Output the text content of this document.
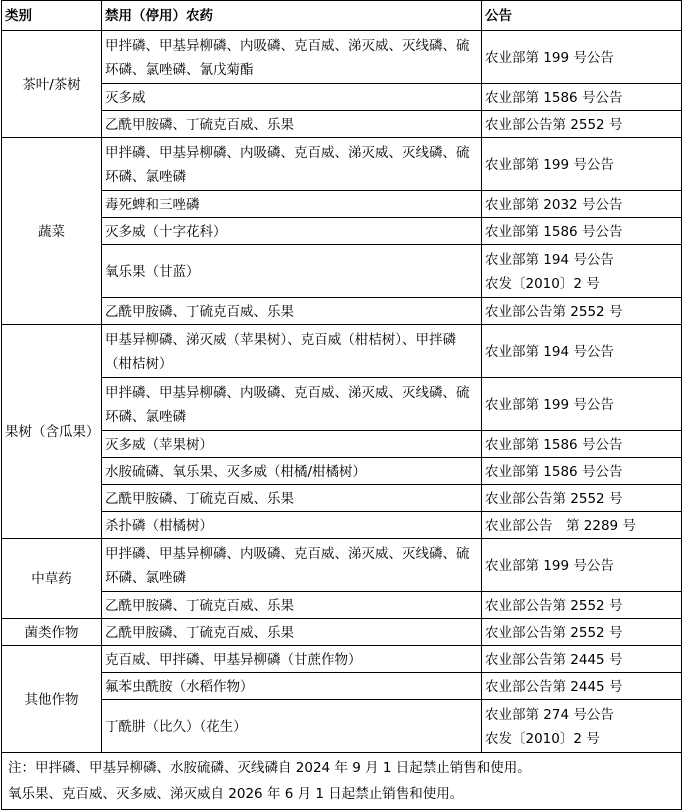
类别	禁用（停用）农药	公告
茶叶/茶树	甲拌磷、甲基异柳磷、内吸磷、克百威、涕灭威、灭线磷、硫环磷、氯唑磷、氰戊菊酯	农业部第 199 号公告
	灭多威	农业部第 1586 号公告
	乙酰甲胺磷、丁硫克百威、乐果	农业部公告第 2552 号
蔬菜	甲拌磷、甲基异柳磷、内吸磷、克百威、涕灭威、灭线磷、硫环磷、氯唑磷	农业部第 199 号公告
	毒死蜱和三唑磷	农业部第 2032 号公告
	灭多威（十字花科）	农业部第 1586 号公告
	氧乐果（甘蓝）	农业部第 194 号公告
农发〔2010〕2 号

	乙酰甲胺磷、丁硫克百威、乐果	农业部公告第 2552 号
果树（含瓜果）	甲基异柳磷、涕灭威（苹果树）、克百威（柑桔树）、甲拌磷（柑桔树）	农业部第 194 号公告
	甲拌磷、甲基异柳磷、内吸磷、克百威、涕灭威、灭线磷、硫环磷、氯唑磷	农业部第 199 号公告
	灭多威（苹果树）	农业部第 1586 号公告
	水胺硫磷、氧乐果、灭多威（柑橘/柑橘树）	农业部第 1586 号公告
	乙酰甲胺磷、丁硫克百威、乐果	农业部公告第 2552 号
	杀扑磷（柑橘树）	农业部公告　第 2289 号
中草药	甲拌磷、甲基异柳磷、内吸磷、克百威、涕灭威、灭线磷、硫环磷、氯唑磷	农业部第 199 号公告
	乙酰甲胺磷、丁硫克百威、乐果	农业部公告第 2552 号
菌类作物	乙酰甲胺磷、丁硫克百威、乐果	农业部公告第 2552 号
其他作物	克百威、甲拌磷、甲基异柳磷（甘蔗作物）	农业部公告第 2445 号
	氟苯虫酰胺（水稻作物）	农业部公告第 2445 号
	丁酰肼（比久）（花生）	农业部第 274 号公告
农发〔2010〕2 号

注：甲拌磷、甲基异柳磷、水胺硫磷、灭线磷自 2024 年 9 月 1 日起禁止销售和使用。
氧乐果、克百威、灭多威、涕灭威自 2026 年 6 月 1 日起禁止销售和使用。		
